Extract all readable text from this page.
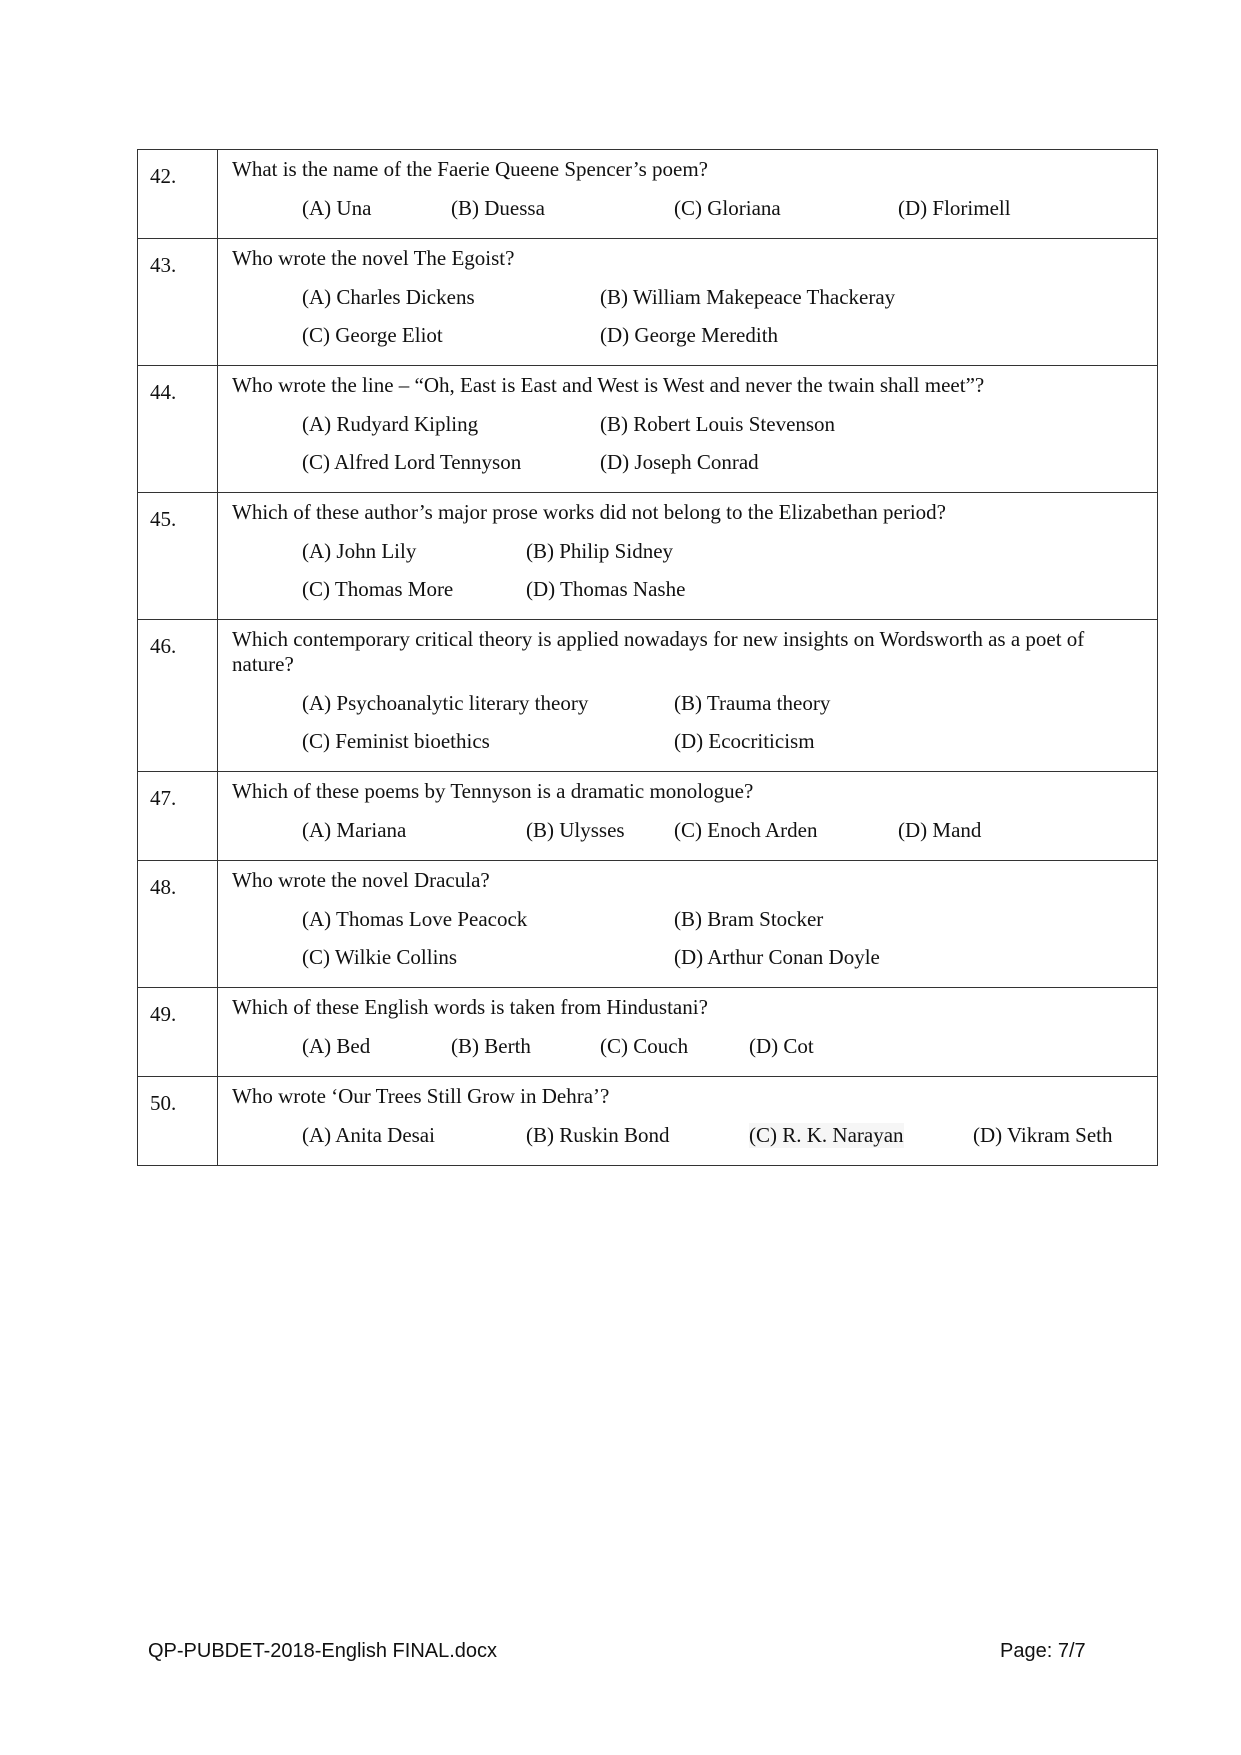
42.	What is the name of the Faerie Queene Spencer’s poem?
(A) Una (B) Duessa (C) Gloriana (D) Florimell

43.	Who wrote the novel The Egoist?
(A) Charles Dickens (B) William Makepeace Thackeray
(C) George Eliot (D) George Meredith

44.	Who wrote the line – “Oh, East is East and West is West and never the twain shall meet”?
(A) Rudyard Kipling (B) Robert Louis Stevenson
(C) Alfred Lord Tennyson (D) Joseph Conrad

45.	Which of these author’s major prose works did not belong to the Elizabethan period?
(A) John Lily (B) Philip Sidney
(C) Thomas More (D) Thomas Nashe

46.	Which contemporary critical theory is applied nowadays for new insights on Wordsworth as a poet of nature?
(A) Psychoanalytic literary theory (B) Trauma theory
(C) Feminist bioethics (D) Ecocriticism

47.	Which of these poems by Tennyson is a dramatic monologue?
(A) Mariana (B) Ulysses (C) Enoch Arden (D) Mand

48.	Who wrote the novel Dracula?
(A) Thomas Love Peacock (B) Bram Stocker
(C) Wilkie Collins (D) Arthur Conan Doyle

49.	Which of these English words is taken from Hindustani?
(A) Bed (B) Berth (C) Couch (D) Cot

50.	Who wrote ‘Our Trees Still Grow in Dehra’?
(A) Anita Desai (B) Ruskin Bond (C) R. K. Narayan (D) Vikram Seth
QP-PUBDET-2018-English FINAL.docx	Page: 7/7
